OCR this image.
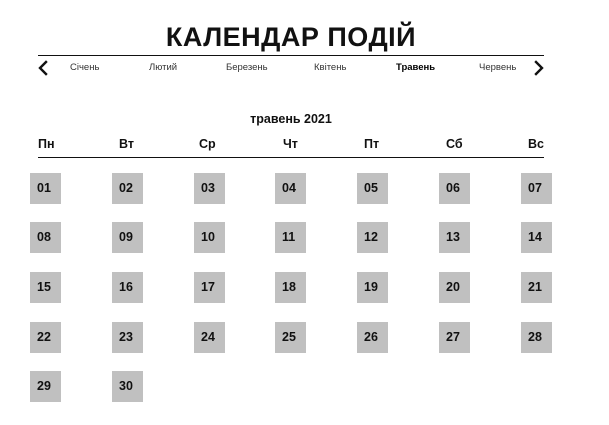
КАЛЕНДАР ПОДІЙ
Січень	Лютий	Березень	Квітень	Травень	Червень
травень 2021
Пн	Вт	Ср	Чт	Пт	Сб	Вс
01	02	03	04	05	06	07
08	09	10	11	12	13	14
15	16	17	18	19	20	21
22	23	24	25	26	27	28
29	30
